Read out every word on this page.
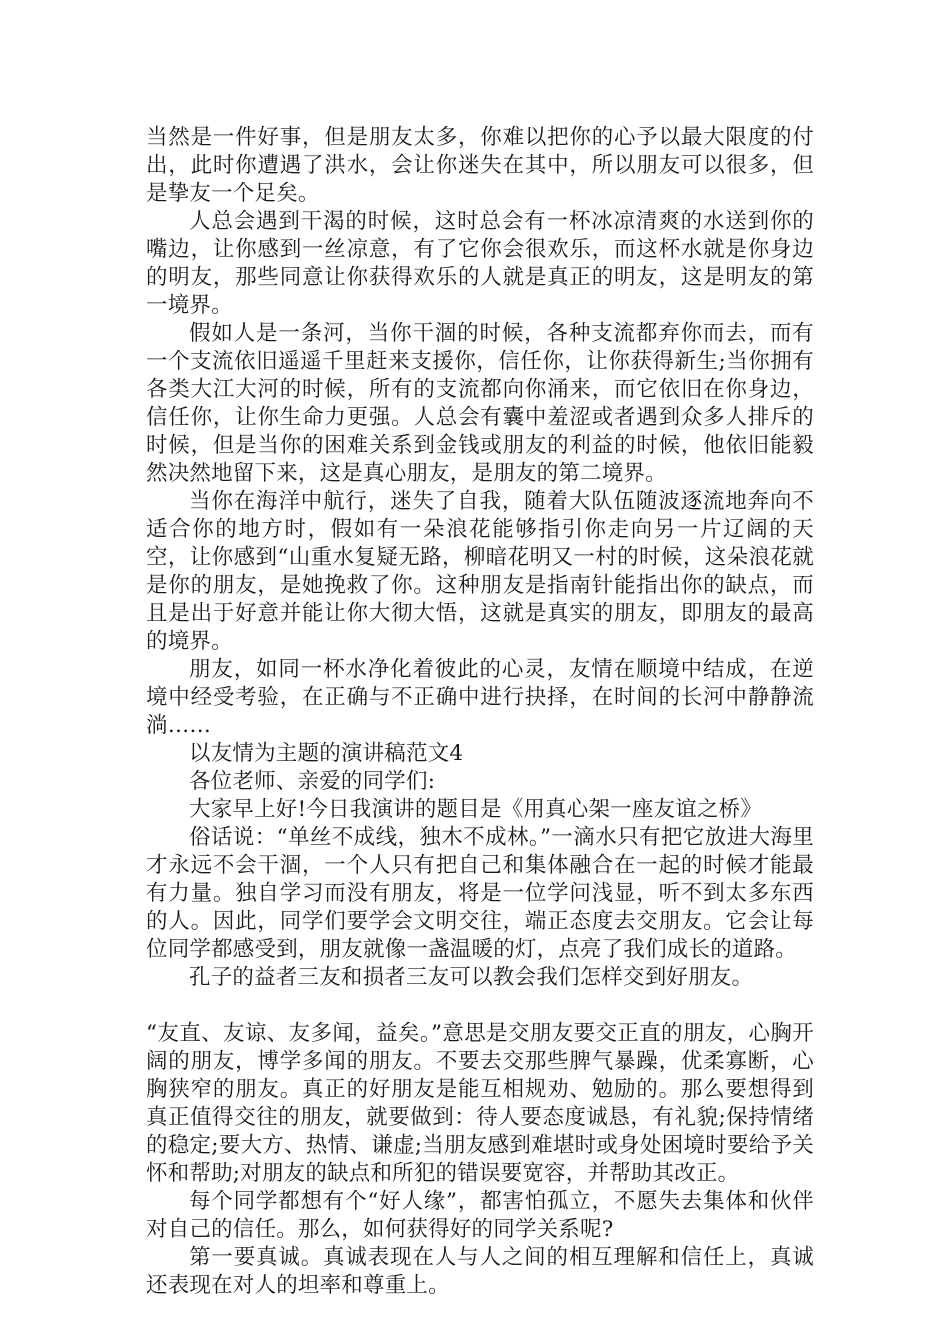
当然是一件好事，但是朋友太多，你难以把你的心予以最大限度的付出，此时你遭遇了洪水，会让你迷失在其中，所以朋友可以很多，但是挚友一个足矣。

人总会遇到干渴的时候，这时总会有一杯冰凉清爽的水送到你的嘴边，让你感到一丝凉意，有了它你会很欢乐，而这杯水就是你身边的明友，那些同意让你获得欢乐的人就是真正的明友，这是明友的第一境界。

假如人是一条河，当你干涸的时候，各种支流都弃你而去，而有一个支流依旧遥遥千里赶来支援你，信任你，让你获得新生;当你拥有各类大江大河的时候，所有的支流都向你涌来，而它依旧在你身边，信任你，让你生命力更强。人总会有囊中羞涩或者遇到众多人排斥的时候，但是当你的困难关系到金钱或朋友的利益的时候，他依旧能毅然决然地留下来，这是真心朋友，是朋友的第二境界。

当你在海洋中航行，迷失了自我，随着大队伍随波逐流地奔向不适合你的地方时，假如有一朵浪花能够指引你走向另一片辽阔的天空，让你感到“山重水复疑无路，柳暗花明又一村的时候，这朵浪花就是你的朋友，是她挽救了你。这种朋友是指南针能指出你的缺点，而且是出于好意并能让你大彻大悟，这就是真实的朋友，即朋友的最高的境界。

朋友，如同一杯水净化着彼此的心灵，友情在顺境中结成，在逆境中经受考验，在正确与不正确中进行抉择，在时间的长河中静静流淌……

以友情为主题的演讲稿范文4

各位老师、亲爱的同学们:

大家早上好!今日我演讲的题目是《用真心架一座友谊之桥》

俗话说：“单丝不成线，独木不成林。”一滴水只有把它放进大海里才永远不会干涸，一个人只有把自己和集体融合在一起的时候才能最有力量。独自学习而没有朋友，将是一位学问浅显，听不到太多东西的人。因此，同学们要学会文明交往，端正态度去交朋友。它会让每位同学都感受到，朋友就像一盏温暖的灯，点亮了我们成长的道路。

孔子的益者三友和损者三友可以教会我们怎样交到好朋友。

“友直、友谅、友多闻，益矣。”意思是交朋友要交正直的朋友，心胸开阔的朋友，博学多闻的朋友。不要去交那些脾气暴躁，优柔寡断，心胸狭窄的朋友。真正的好朋友是能互相规劝、勉励的。那么要想得到真正值得交往的朋友，就要做到：待人要态度诚恳，有礼貌;保持情绪的稳定;要大方、热情、谦虚;当朋友感到难堪时或身处困境时要给予关怀和帮助;对朋友的缺点和所犯的错误要宽容，并帮助其改正。

每个同学都想有个“好人缘”，都害怕孤立，不愿失去集体和伙伴对自己的信任。那么，如何获得好的同学关系呢?

第一要真诚。真诚表现在人与人之间的相互理解和信任上，真诚还表现在对人的坦率和尊重上。
